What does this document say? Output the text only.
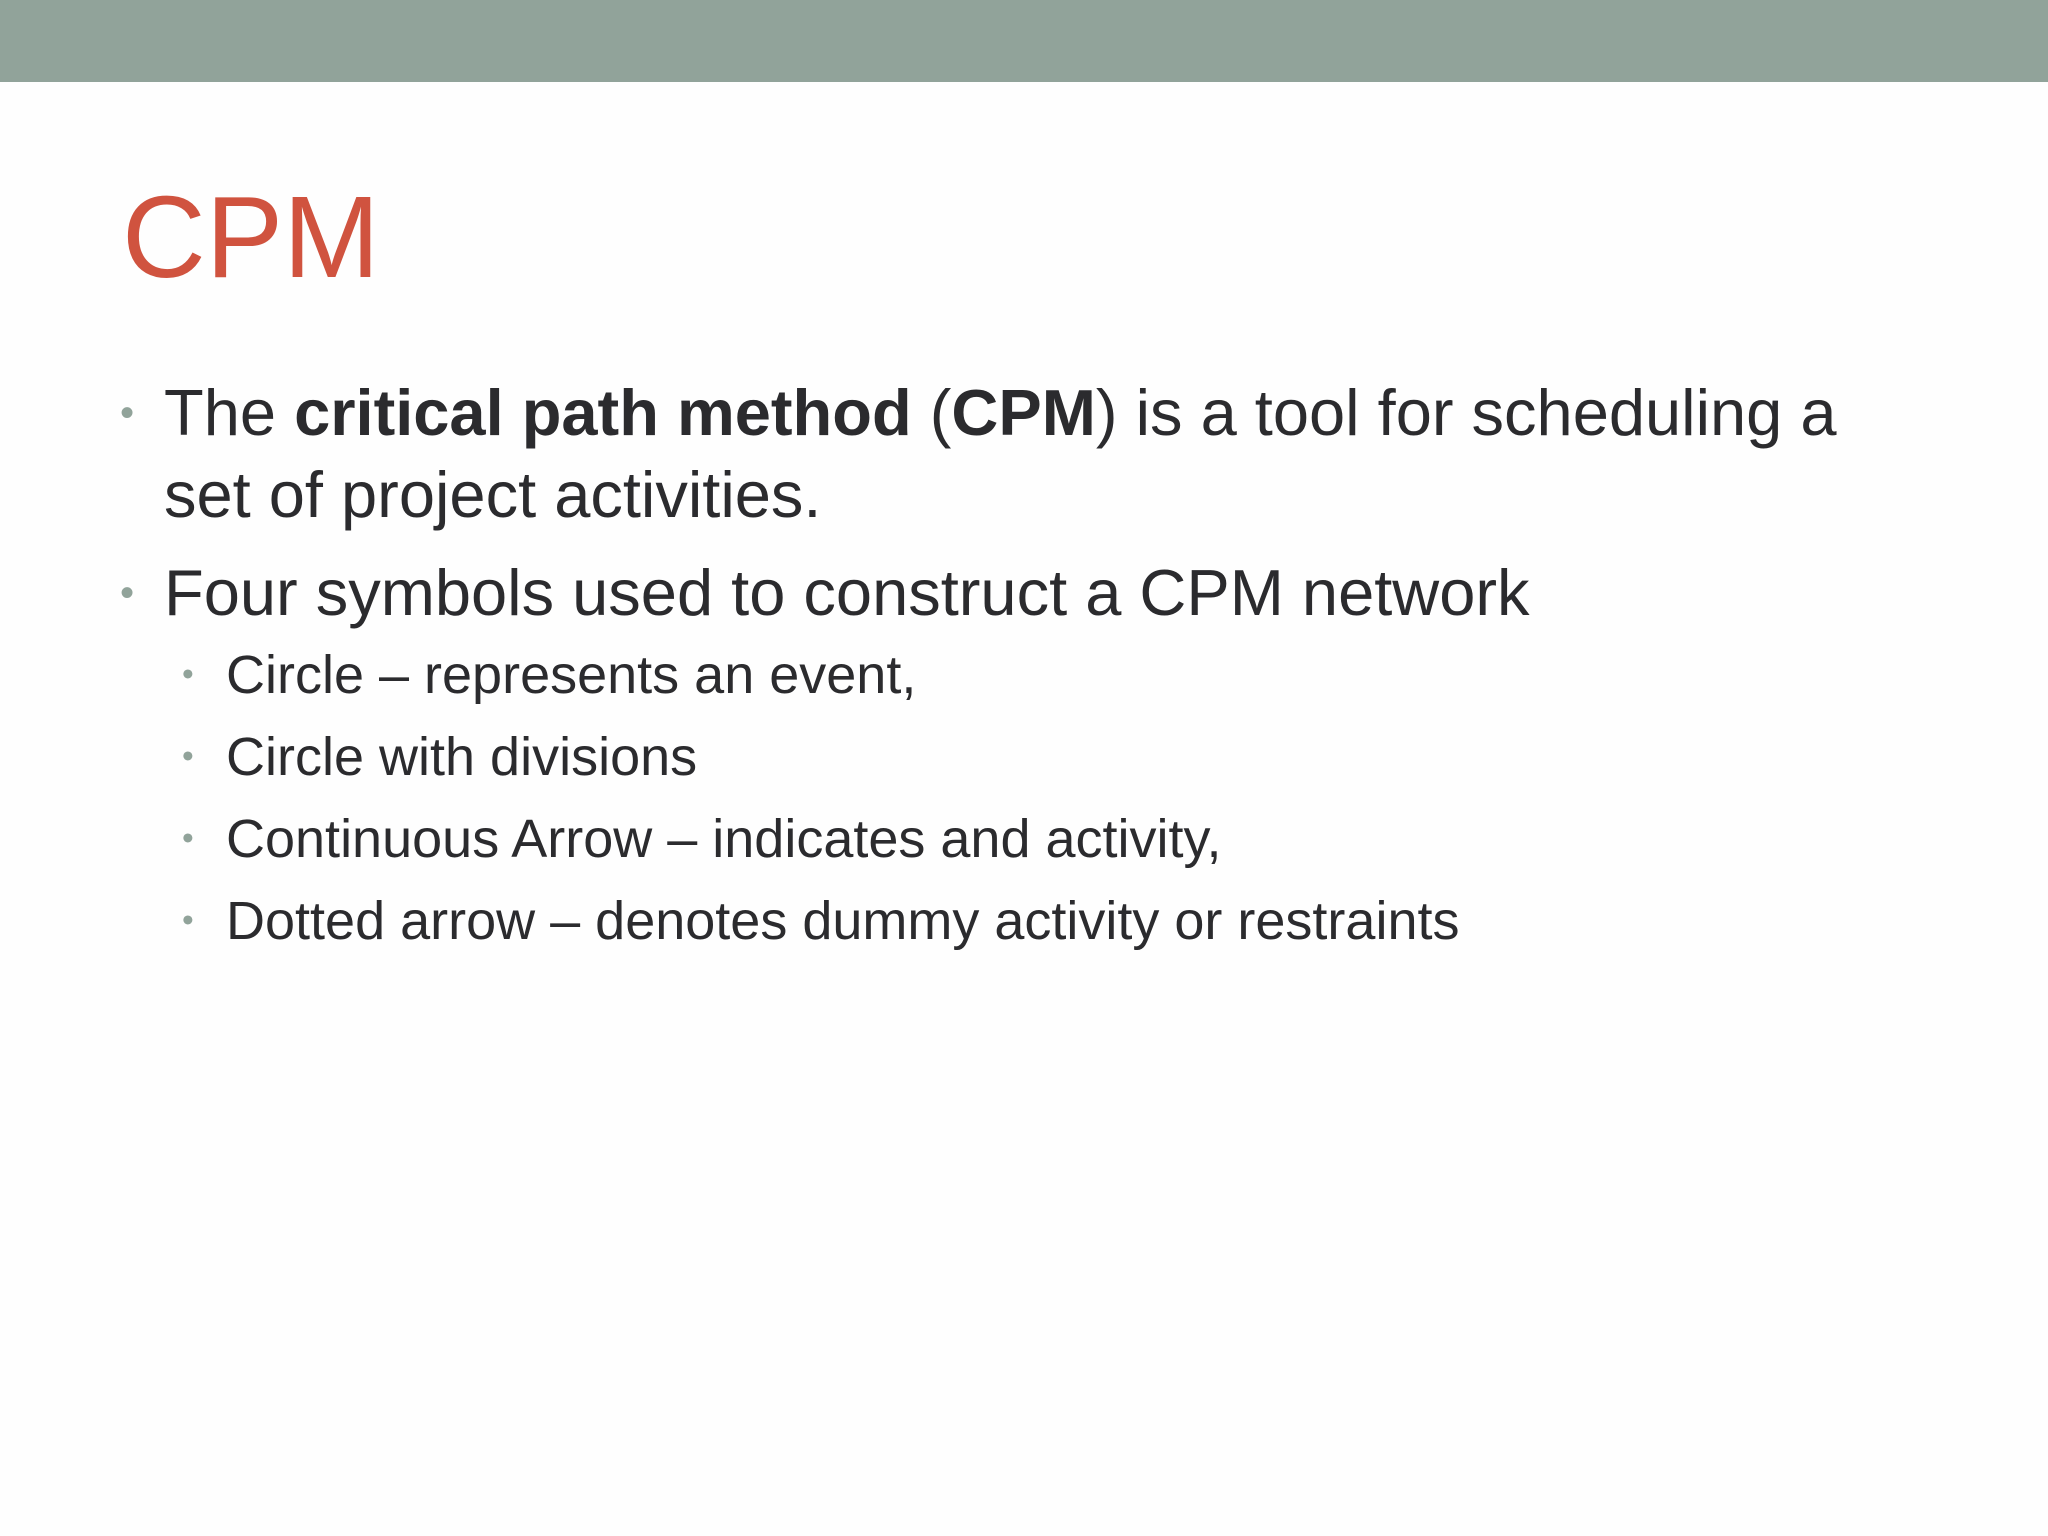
CPM
• The critical path method (CPM) is a tool for scheduling a set of project activities.
• Four symbols used to construct a CPM network
• Circle – represents an event,
• Circle with divisions
• Continuous Arrow – indicates and activity,
• Dotted arrow – denotes dummy activity or restraints
